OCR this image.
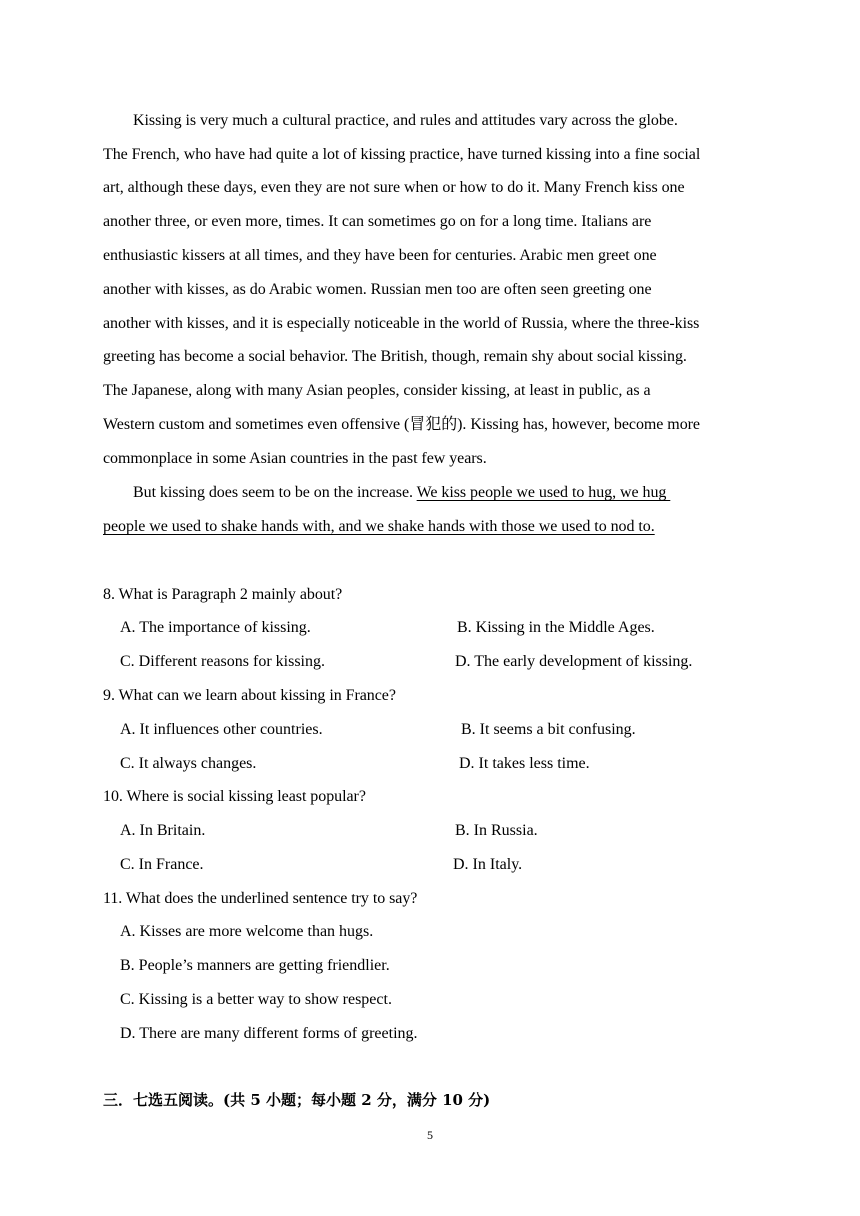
Kissing is very much a cultural practice, and rules and attitudes vary across the globe.
The French, who have had quite a lot of kissing practice, have turned kissing into a fine social
art, although these days, even they are not sure when or how to do it. Many French kiss one
another three, or even more, times. It can sometimes go on for a long time. Italians are
enthusiastic kissers at all times, and they have been for centuries. Arabic men greet one
another with kisses, as do Arabic women. Russian men too are often seen greeting one
another with kisses, and it is especially noticeable in the world of Russia, where the three-kiss
greeting has become a social behavior. The British, though, remain shy about social kissing.
The Japanese, along with many Asian peoples, consider kissing, at least in public, as a
Western custom and sometimes even offensive (冒犯的). Kissing has, however, become more
commonplace in some Asian countries in the past few years.
But kissing does seem to be on the increase. We kiss people we used to hug, we hug
people we used to shake hands with, and we shake hands with those we used to nod to.
8. What is Paragraph 2 mainly about?
A. The importance of kissing.	B. Kissing in the Middle Ages.
C. Different reasons for kissing.	D. The early development of kissing.
9. What can we learn about kissing in France?
A. It influences other countries.	B. It seems a bit confusing.
C. It always changes.	D. It takes less time.
10. Where is social kissing least popular?
A. In Britain.	B. In Russia.
C. In France.	D. In Italy.
11. What does the underlined sentence try to say?
A. Kisses are more welcome than hugs.
B. People’s manners are getting friendlier.
C. Kissing is a better way to show respect.
D. There are many different forms of greeting.
三．七选五阅读。(共 5 小题；每小题 2 分，满分 10 分)
5
